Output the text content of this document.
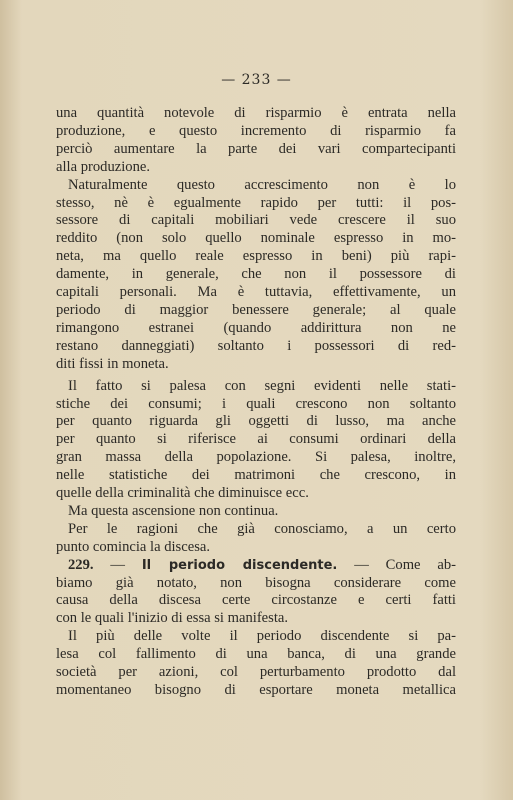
— 233 —
una quantità notevole di risparmio è entrata nella
produzione, e questo incremento di risparmio fa
perciò aumentare la parte dei vari compartecipanti
alla produzione.
Naturalmente questo accrescimento non è lo
stesso, nè è egualmente rapido per tutti: il pos-
sessore di capitali mobiliari vede crescere il suo
reddito (non solo quello nominale espresso in mo-
neta, ma quello reale espresso in beni) più rapi-
damente, in generale, che non il possessore di
capitali personali. Ma è tuttavia, effettivamente, un
periodo di maggior benessere generale; al quale
rimangono estranei (quando addirittura non ne
restano danneggiati) soltanto i possessori di red-
diti fissi in moneta.
Il fatto si palesa con segni evidenti nelle stati-
stiche dei consumi; i quali crescono non soltanto
per quanto riguarda gli oggetti di lusso, ma anche
per quanto si riferisce ai consumi ordinari della
gran massa della popolazione. Si palesa, inoltre,
nelle statistiche dei matrimoni che crescono, in
quelle della criminalità che diminuisce ecc.
Ma questa ascensione non continua.
Per le ragioni che già conosciamo, a un certo
punto comincia la discesa.
229. — Il periodo discendente. — Come ab-
biamo già notato, non bisogna considerare come
causa della discesa certe circostanze e certi fatti
con le quali l'inizio di essa si manifesta.
Il più delle volte il periodo discendente si pa-
lesa col fallimento di una banca, di una grande
società per azioni, col perturbamento prodotto dal
momentaneo bisogno di esportare moneta metallica
